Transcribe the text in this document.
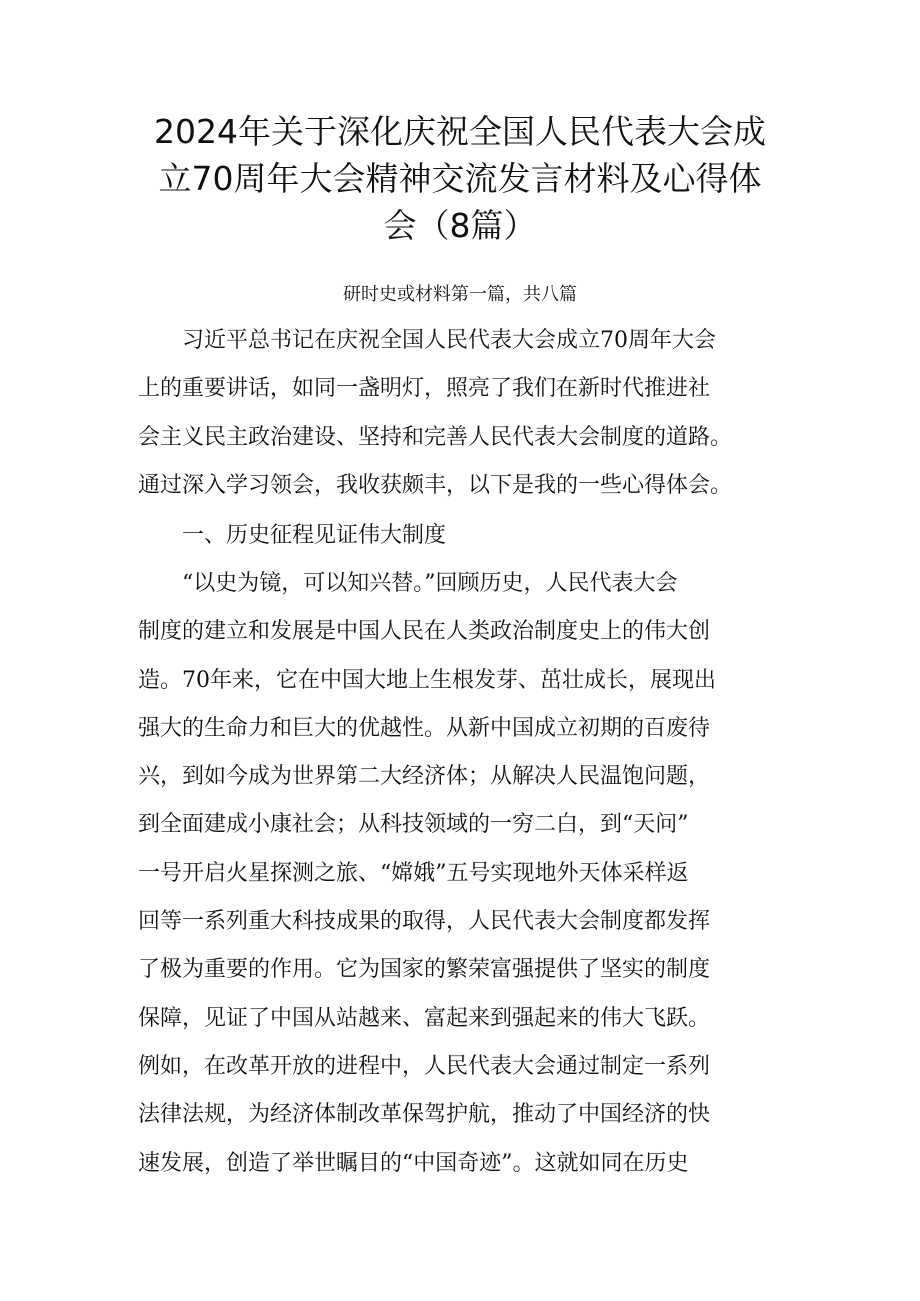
2024年关于深化庆祝全国人民代表大会成
立70周年大会精神交流发言材料及心得体
会（8篇）
研时史或材料第一篇，共八篇
习近平总书记在庆祝全国人民代表大会成立70周年大会
上的重要讲话，如同一盏明灯，照亮了我们在新时代推进社
会主义民主政治建设、坚持和完善人民代表大会制度的道路。
通过深入学习领会，我收获颇丰，以下是我的一些心得体会。
一、历史征程见证伟大制度
“以史为镜，可以知兴替。”回顾历史，人民代表大会
制度的建立和发展是中国人民在人类政治制度史上的伟大创
造。70年来，它在中国大地上生根发芽、茁壮成长，展现出
强大的生命力和巨大的优越性。从新中国成立初期的百废待
兴，到如今成为世界第二大经济体；从解决人民温饱问题，
到全面建成小康社会；从科技领域的一穷二白，到“天问”
一号开启火星探测之旅、“嫦娥”五号实现地外天体采样返
回等一系列重大科技成果的取得，人民代表大会制度都发挥
了极为重要的作用。它为国家的繁荣富强提供了坚实的制度
保障，见证了中国从站越来、富起来到强起来的伟大飞跃。
例如，在改革开放的进程中，人民代表大会通过制定一系列
法律法规，为经济体制改革保驾护航，推动了中国经济的快
速发展，创造了举世瞩目的“中国奇迹”。这就如同在历史
